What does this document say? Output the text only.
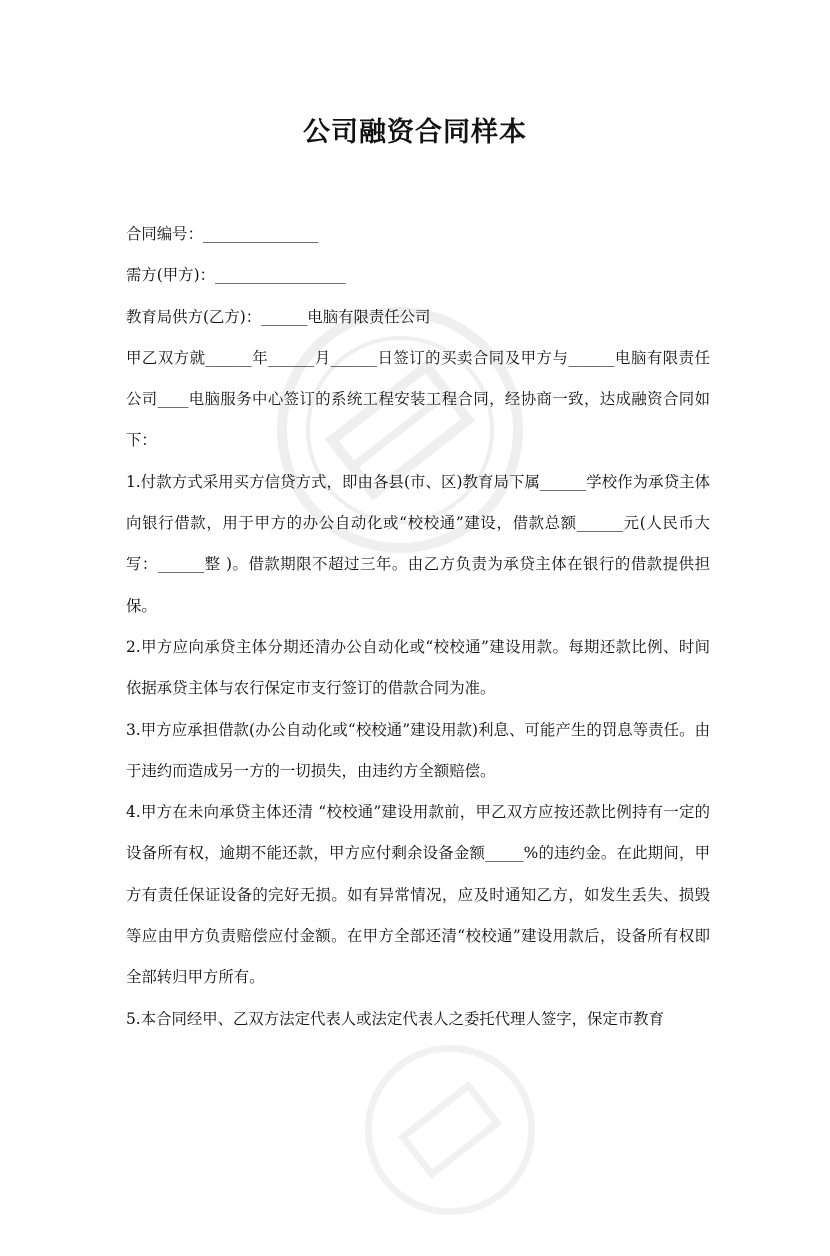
公司融资合同样本

合同编号：_______________

需方(甲方)：_________________

教育局供方(乙方)：______电脑有限责任公司

甲乙双方就______年______月______日签订的买卖合同及甲方与______电脑有限责任公司____电脑服务中心签订的系统工程安装工程合同，经协商一致，达成融资合同如下：

1.付款方式采用买方信贷方式，即由各县(市、区)教育局下属______学校作为承贷主体向银行借款，用于甲方的办公自动化或“校校通”建设，借款总额______元(人民币大写：______整 )。借款期限不超过三年。由乙方负责为承贷主体在银行的借款提供担保。

2.甲方应向承贷主体分期还清办公自动化或“校校通”建设用款。每期还款比例、时间依据承贷主体与农行保定市支行签订的借款合同为准。

3.甲方应承担借款(办公自动化或“校校通”建设用款)利息、可能产生的罚息等责任。由于违约而造成另一方的一切损失，由违约方全额赔偿。

4.甲方在未向承贷主体还清 “校校通”建设用款前，甲乙双方应按还款比例持有一定的设备所有权，逾期不能还款，甲方应付剩余设备金额_____%的违约金。在此期间，甲方有责任保证设备的完好无损。如有异常情况，应及时通知乙方，如发生丢失、损毁等应由甲方负责赔偿应付金额。在甲方全部还清“校校通”建设用款后，设备所有权即全部转归甲方所有。

5.本合同经甲、乙双方法定代表人或法定代表人之委托代理人签字，保定市教育
